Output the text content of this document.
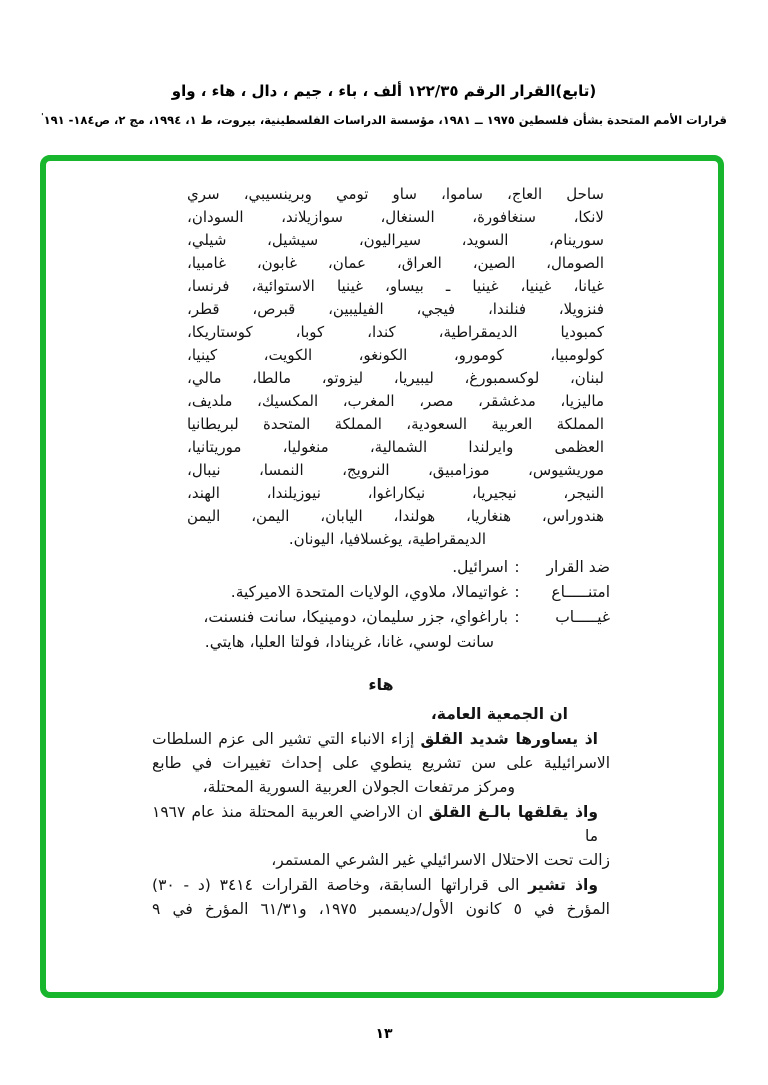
(تابع)القرار الرقم ١٢٢/٣٥ ألف ، باء ، جيم ، دال ، هاء ، واو
قرارات الأمم المتحدة بشأن فلسطين ١٩٧٥ ــ ١٩٨١، مؤسسة الدراسات الفلسطينية، بيروت، ط ١، ١٩٩٤، مج ٢، ص١٨٤- ١٩١'
ساحل العاج، ساموا، ساو تومي وبرينسيبي، سري
لانكا، سنغافورة، السنغال، سوازيلاند، السودان،
سورينام، السويد، سيراليون، سيشيل، شيلي،
الصومال، الصين، العراق، عمان، غابون، غامبيا،
غيانا، غينيا، غينيا ـ بيساو، غينيا الاستوائية، فرنسا،
فنزويلا، فنلندا، فيجي، الفيليبين، قبرص، قطر،
كمبوديا الديمقراطية، كندا، كوبا، كوستاريكا،
كولومبيا، كومورو، الكونغو، الكويت، كينيا،
لبنان، لوكسمبورغ، ليبيريا، ليزوتو، مالطا، مالي،
ماليزيا، مدغشقر، مصر، المغرب، المكسيك، ملديف،
المملكة العربية السعودية، المملكة المتحدة لبريطانيا
العظمى وايرلندا الشمالية، منغوليا، موريتانيا،
موريشيوس، موزامبيق، النرويج، النمسا، نيبال،
النيجر، نيجيريا، نيكاراغوا، نيوزيلندا، الهند،
هندوراس، هنغاريا، هولندا، اليابان، اليمن، اليمن
الديمقراطية، يوغسلافيا، اليونان.
ضد القرار
:
اسرائيل.
امتنـــــاع
:
غواتيمالا، ملاوي، الولايات المتحدة الاميركية.
غيـــــاب
:
باراغواي، جزر سليمان، دومينيكا، سانت فنسنت،
سانت لوسي، غانا، غرينادا، فولتا العليا، هايتي.
هاء
ان الجمعية العامة،
اذ يساورها شديد القلق إزاء الانباء التي تشير الى عزم السلطات
الاسرائيلية على سن تشريع ينطوي على إحداث تغييرات في طابع
ومركز مرتفعات الجولان العربية السورية المحتلة،
واذ يقلقها بالـغ القلق ان الاراضي العربية المحتلة منذ عام ١٩٦٧ ما
زالت تحت الاحتلال الاسرائيلي غير الشرعي المستمر،
واذ تشير الى قراراتها السابقة، وخاصة القرارات ٣٤١٤ (د - ٣٠)
المؤرخ في ٥ كانون الأول/ديسمبر ١٩٧٥، و٦١/٣١ المؤرخ في ٩
١٣
